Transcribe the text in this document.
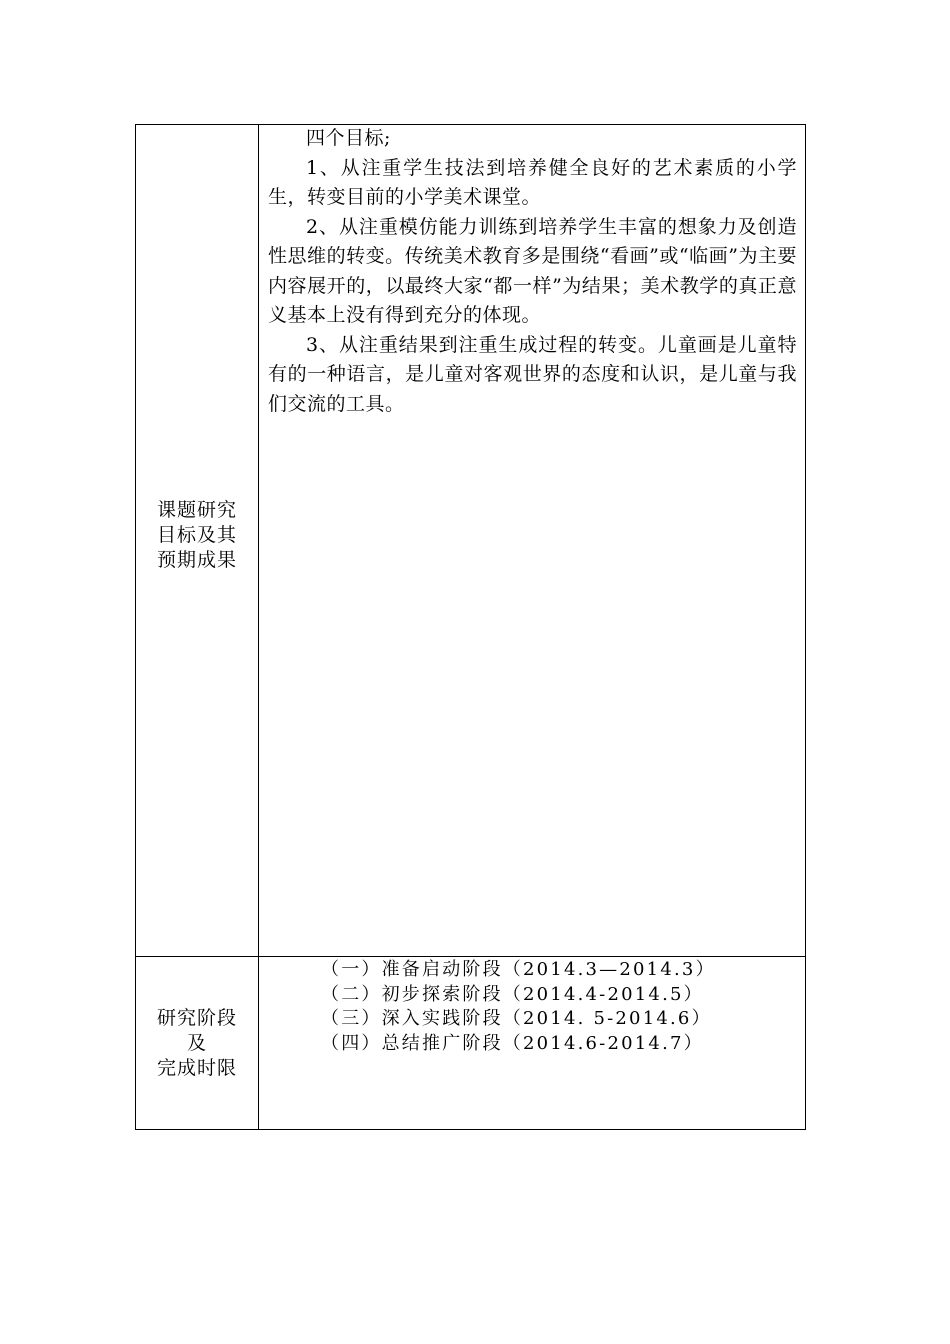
课题研究
目标及其
预期成果

四个目标;

1、从注重学生技法到培养健全良好的艺术素质的小学生，转变目前的小学美术课堂。

2、从注重模仿能力训练到培养学生丰富的想象力及创造性思维的转变。传统美术教育多是围绕“看画”或“临画”为主要内容展开的，以最终大家“都一样”为结果；美术教学的真正意义基本上没有得到充分的体现。

3、从注重结果到注重生成过程的转变。儿童画是儿童特有的一种语言，是儿童对客观世界的态度和认识，是儿童与我们交流的工具。

研究阶段
及
完成时限
（一）准备启动阶段（2014.3—2014.3）
（二）初步探索阶段（2014.4-2014.5）
（三）深入实践阶段（2014. 5-2014.6）
（四）总结推广阶段（2014.6-2014.7）
